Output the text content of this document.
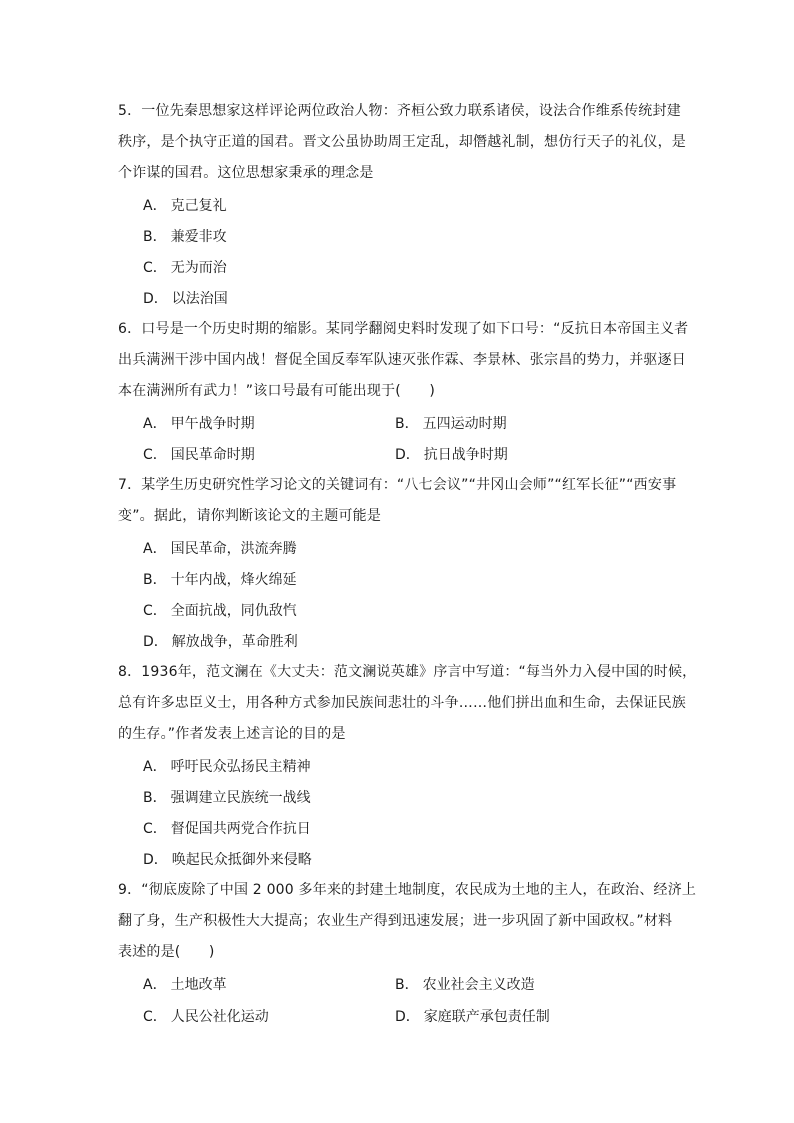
5．一位先秦思想家这样评论两位政治人物：齐桓公致力联系诸侯，设法合作维系传统封建
秩序，是个执守正道的国君。晋文公虽协助周王定乱，却僭越礼制，想仿行天子的礼仪，是
个诈谋的国君。这位思想家秉承的理念是
A． 克己复礼
B． 兼爱非攻
C． 无为而治
D． 以法治国
6．口号是一个历史时期的缩影。某同学翻阅史料时发现了如下口号：“反抗日本帝国主义者
出兵满洲干涉中国内战！督促全国反奉军队速灭张作霖、李景林、张宗昌的势力，并驱逐日
本在满洲所有武力！”该口号最有可能出现于(　　)
A． 甲午战争时期	B． 五四运动时期
C． 国民革命时期	D． 抗日战争时期
7．某学生历史研究性学习论文的关键词有：“八七会议”“井冈山会师”“红军长征”“西安事
变”。据此，请你判断该论文的主题可能是
A． 国民革命，洪流奔腾
B． 十年内战，烽火绵延
C． 全面抗战，同仇敌忾
D． 解放战争，革命胜利
8．1936年，范文澜在《大丈夫：范文澜说英雄》序言中写道：“每当外力入侵中国的时候，
总有许多忠臣义士，用各种方式参加民族间悲壮的斗争……他们拼出血和生命，去保证民族
的生存。”作者发表上述言论的目的是
A． 呼吁民众弘扬民主精神
B． 强调建立民族统一战线
C． 督促国共两党合作抗日
D． 唤起民众抵御外来侵略
9．“彻底废除了中国 2 000 多年来的封建土地制度，农民成为土地的主人，在政治、经济上
翻了身，生产积极性大大提高；农业生产得到迅速发展；进一步巩固了新中国政权。”材料
表述的是(　　)
A． 土地改革	B． 农业社会主义改造
C． 人民公社化运动	D． 家庭联产承包责任制
